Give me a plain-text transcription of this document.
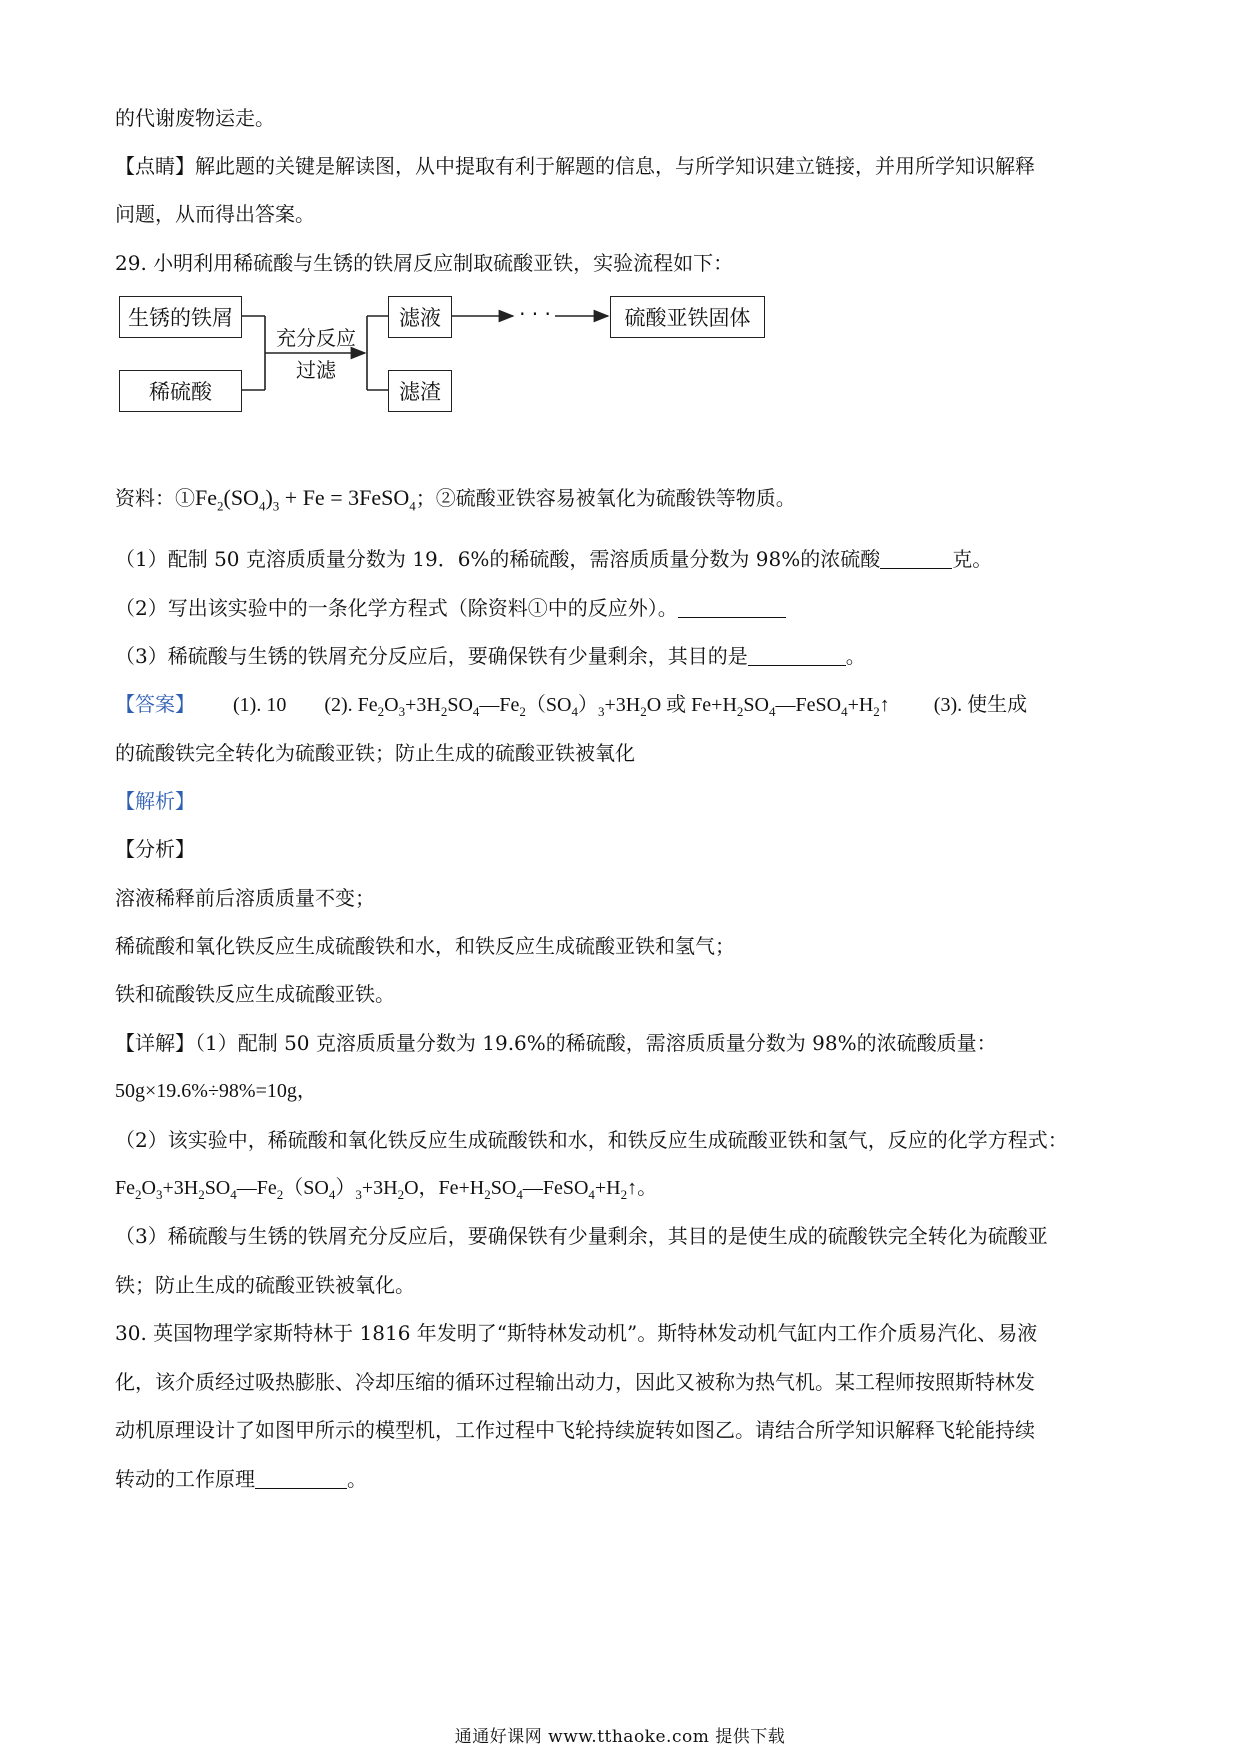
的代谢废物运走。
【点睛】解此题的关键是解读图，从中提取有利于解题的信息，与所学知识建立链接，并用所学知识解释
问题，从而得出答案。
29. 小明利用稀硫酸与生锈的铁屑反应制取硫酸亚铁，实验流程如下：
生锈的铁屑
稀硫酸
充分反应
过滤
滤液
滤渣
· · ·	硫酸亚铁固体
资料：$①Fe_2(SO_4)_3 + Fe$ = 3FeSO$_4$；②硫酸亚铁容易被氧化为硫酸铁等物质。
（1）配制 50 克溶质质量分数为 19．6%的稀硫酸，需溶质质量分数为 98%的浓硫酸	克。
（2）写出该实验中的一条化学方程式（除资料①中的反应外）。
（3）稀硫酸与生锈的铁屑充分反应后，要确保铁有少量剩余，其目的是	。
【答案】 (1). 10 (2). $Fe_2O_3+3H_2SO_4—Fe_2(SO_4)_3+3H_2O$ 或 $Fe+H_2SO_4—FeSO_4+H_2↑$ (3). 使生成
的硫酸铁完全转化为硫酸亚铁；防止生成的硫酸亚铁被氧化
【解析】
【分析】
溶液稀释前后溶质质量不变；
稀硫酸和氧化铁反应生成硫酸铁和水，和铁反应生成硫酸亚铁和氢气；
铁和硫酸铁反应生成硫酸亚铁。
【详解】（1）配制 50 克溶质质量分数为 19.6%的稀硫酸，需溶质质量分数为 98%的浓硫酸质量：
50g×19.6%÷98%=10g，
（2）该实验中，稀硫酸和氧化铁反应生成硫酸铁和水，和铁反应生成硫酸亚铁和氢气，反应的化学方程式：
$Fe_2O_3+3H_2SO_4—Fe_2(SO_4)_3+3H_2O$，$Fe+H_2SO_4—FeSO_4+H_2↑$。
（3）稀硫酸与生锈的铁屑充分反应后，要确保铁有少量剩余，其目的是使生成的硫酸铁完全转化为硫酸亚
铁；防止生成的硫酸亚铁被氧化。
30. 英国物理学家斯特林于 1816 年发明了“斯特林发动机”。斯特林发动机气缸内工作介质易汽化、易液
化，该介质经过吸热膨胀、冷却压缩的循环过程输出动力，因此又被称为热气机。某工程师按照斯特林发
动机原理设计了如图甲所示的模型机，工作过程中飞轮持续旋转如图乙。请结合所学知识解释飞轮能持续
转动的工作原理	。
通通好课网 www.tthaoke.com 提供下载
